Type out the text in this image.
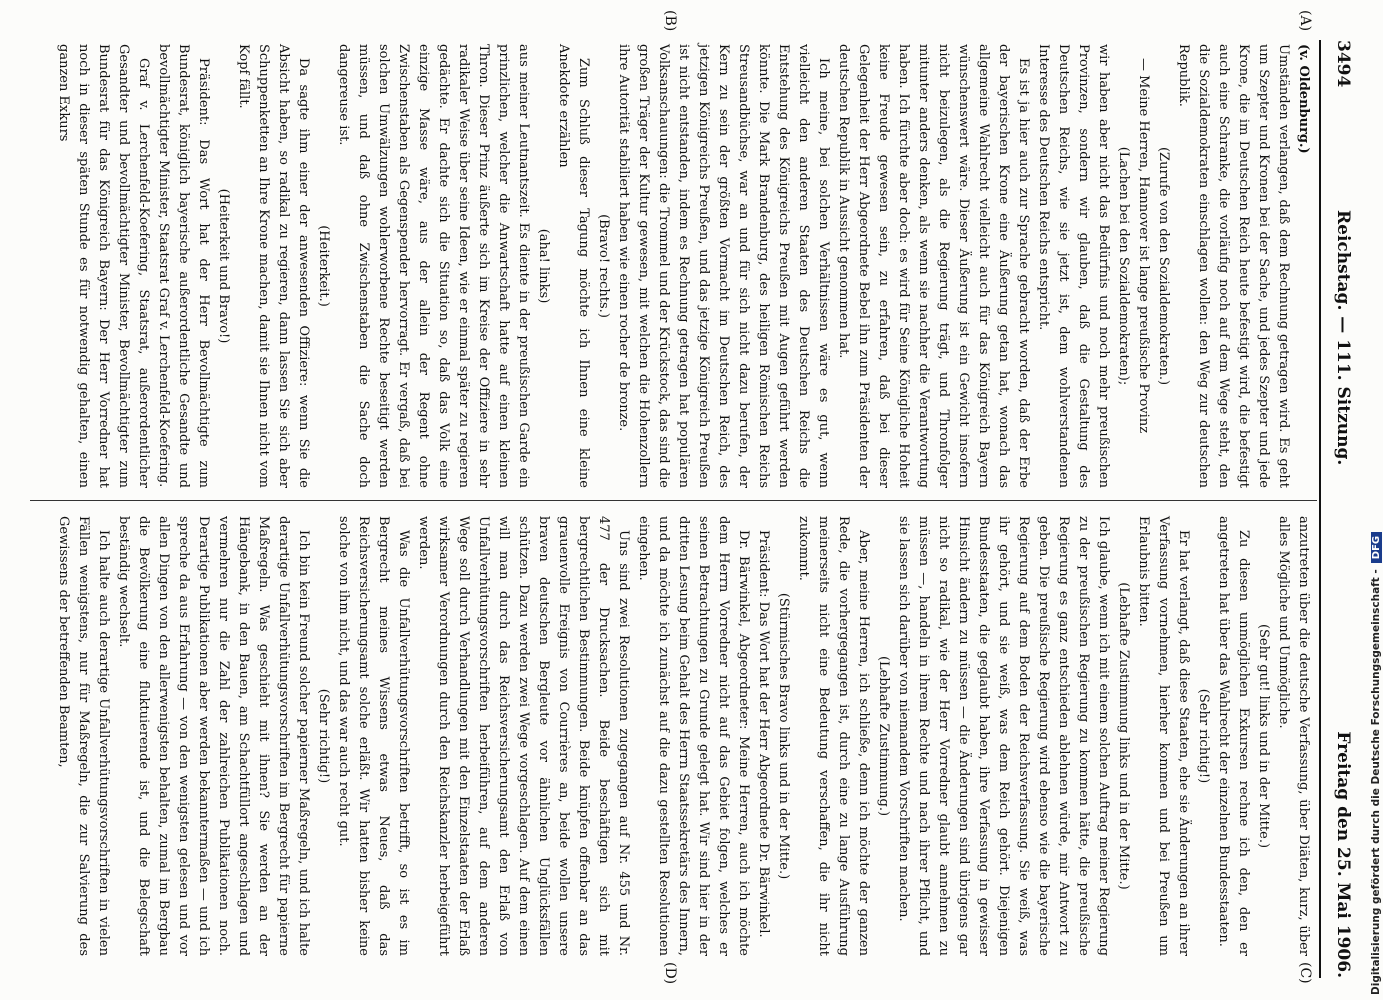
3494
Reichstag. — 111. Sitzung.
Freitag den 25. Mai 1906.
(A)
(B)
(C)
(D)

(v. Oldenburg.)

Umständen verlangen, daß dem Rechnung getragen wird. Es geht um Szepter und Kronen bei der Sache, und jedes Szepter und jede Krone, die im Deutschen Reich heute befestigt wird, die befestigt auch eine Schranke, die vorläufig noch auf dem Wege steht, den die Sozialdemokraten einschlagen wollen: den Weg zur deutschen Republik.

(Zurufe von den Sozialdemokraten.)

— Meine Herren, Hannover ist lange preußische Provinz

(Lachen bei den Sozialdemokraten);

wir haben aber nicht das Bedürfnis und noch mehr preußischen Provinzen, sondern wir glauben, daß die Gestaltung des Deutschen Reichs, wie sie jetzt ist, dem wohlverstandenen Interesse des Deutschen Reichs entspricht.

Es ist ja hier auch zur Sprache gebracht worden, daß der Erbe der bayerischen Krone eine Äußerung getan hat, wonach das allgemeine Wahlrecht vielleicht auch für das Königreich Bayern wünschenswert wäre. Dieser Äußerung ist ein Gewicht insofern nicht beizulegen, als die Regierung trägt, und Thronfolger mitunter anders denken, als wenn sie nachher die Verantwortung haben. Ich fürchte aber doch: es wird für Seine Königliche Hoheit keine Freude gewesen sein, zu erfahren, daß bei dieser Gelegenheit der Herr Abgeordnete Bebel ihn zum Präsidenten der deutschen Republik in Aussicht genommen hat.

Ich meine, bei solchen Verhältnissen wäre es gut, wenn vielleicht den anderen Staaten des Deutschen Reichs die Entstehung des Königreichs Preußen mit Augen geführt werden könnte. Die Mark Brandenburg, des heiligen Römischen Reichs Streusandbüchse, war an und für sich nicht dazu berufen, der Kern zu sein der größten Vormacht im Deutschen Reich, des jetzigen Königreichs Preußen, und das jetzige Königreich Preußen ist nicht entstanden, indem es Rechnung getragen hat populären Volksanschauungen: die Trommel und der Krückstock, das sind die großen Träger der Kultur gewesen, mit welchen die Hohenzollern ihre Autorität stabiliert haben wie einen rocher de bronze.

(Bravo! rechts.)

Zum Schluß dieser Tagung möchte ich Ihnen eine kleine Anekdote erzählen

(aha! links)

aus meiner Leutnantszeit. Es diente in der preußischen Garde ein prinzlichen, welcher die Anwartschaft hatte auf einen kleinen Thron. Dieser Prinz äußerte sich im Kreise der Offiziere in sehr radikaler Weise über seine Ideen, wie er einmal später zu regieren gedächte. Er dachte sich die Situation so, daß das Volk eine einzige Masse wäre, aus der allein der Regent ohne Zwischenstaben als Gegenspender hervorragt. Er vergaß, daß bei solchen Umwälzungen wohlerworbene Rechte beseitigt werden müssen, und daß ohne Zwischenstaben die Sache doch dangereuse ist.

(Heiterkeit.)

Da sagte ihm einer der anwesenden Offiziere: wenn Sie die Absicht haben, so radikal zu regieren, dann lassen Sie sich aber Schuppenketten an Ihre Krone machen, damit sie Ihnen nicht vom Kopf fällt.

(Heiterkeit und Bravo!)

Präsident: Das Wort hat der Herr Bevollmächtigte zum Bundesrat, königlich bayerische außerordentliche Gesandte und bevollmächtigter Minister, Staatsrat Graf v. Lerchenfeld-Koefering.

Graf v. Lerchenfeld-Koefering, Staatsrat, außerordentlicher Gesandter und bevollmächtigter Minister, Bevollmächtigter zum Bundesrat für das Königreich Bayern: Der Herr Vorredner hat noch in dieser späten Stunde es für notwendig gehalten, einen ganzen Exkurs

anzutreten über die deutsche Verfassung, über Diäten, kurz, über alles Mögliche und Unmögliche.

(Sehr gut! links und in der Mitte.)

Zu diesen unmöglichen Exkursen rechne ich den, den er angetreten hat über das Wahlrecht der einzelnen Bundesstaaten.

(Sehr richtig!)

Er hat verlangt, daß diese Staaten, ehe sie Änderungen an ihrer Verfassung vornehmen, hierher kommen und bei Preußen um Erlaubnis bitten.

(Lebhafte Zustimmung links und in der Mitte.)

Ich glaube, wenn ich mit einem solchen Auftrag meiner Regierung zu der preußischen Regierung zu kommen hätte, die preußische Regierung es ganz entschieden ablehnen würde, mir Antwort zu geben. Die preußische Regierung wird ebenso wie die bayerische Regierung auf dem Boden der Reichsverfassung. Sie weiß, was ihr gehört, und sie weiß, was dem Reich gehört. Diejenigen Bundesstaaten, die geglaubt haben, ihre Verfassung in gewisser Hinsicht ändern zu müssen — die Änderungen sind übrigens gar nicht so radikal, wie der Herr Vorredner glaubt annehmen zu müssen —, handeln in ihrem Rechte und nach ihrer Pflicht, und sie lassen sich darüber von niemandem Vorschriften machen.

(Lebhafte Zustimmung.)

Aber, meine Herren, ich schließe, denn ich möchte der ganzen Rede, die vorhergegangen ist, durch eine zu lange Ausführung meinerseits nicht eine Bedeutung verschaffen, die ihr nicht zukommt.

(Stürmisches Bravo links und in der Mitte.)

Präsident: Das Wort hat der Herr Abgeordnete Dr. Bärwinkel.

Dr. Bärwinkel, Abgeordneter: Meine Herren, auch ich möchte dem Herrn Vorredner nicht auf das Gebiet folgen, welches er seinen Betrachtungen zu Grunde gelegt hat. Wir sind hier in der dritten Lesung beim Gehalt des Herrn Staatssekretärs des Innern, und da möchte ich zunächst auf die dazu gestellten Resolutionen eingehen.

Uns sind zwei Resolutionen zugegangen auf Nr. 455 und Nr. 477 der Drucksachen. Beide beschäftigen sich mit bergrechtlichen Bestimmungen. Beide knüpfen offenbar an das grauenvolle Ereignis von Courrières an, beide wollen unsere braven deutschen Bergleute vor ähnlichen Unglücksfällen schützen. Dazu werden zwei Wege vorgeschlagen. Auf dem einen will man durch das Reichsversicherungsamt den Erlaß von Unfallverhütungsvorschriften herbeiführen, auf dem anderen Wege soll durch Verhandlungen mit den Einzelstaaten der Erlaß wirksamer Verordnungen durch den Reichskanzler herbeigeführt werden.

Was die Unfallverhütungsvorschriften betrifft, so ist es im Bergrecht meines Wissens etwas Neues, daß das Reichsversicherungsamt solche erläßt. Wir hatten bisher keine solche von ihm nicht, und das war auch recht gut.

(Sehr richtig!)

Ich bin kein Freund solcher papierner Maßregeln, und ich halte derartige Unfallverhütungsvorschriften im Bergrecht für papierne Maßregeln. Was geschieht mit ihnen? Sie werden an der Hängebank, in den Bauen, am Schachtfüllort angeschlagen und vermehren nur die Zahl der zahlreichen Publikationen noch. Derartige Publikationen aber werden bekanntermaßen — und ich spreche da aus Erfahrung — von den wenigsten gelesen und vor allen Dingen von den allerwenigsten behalten, zumal im Bergbau die Bevölkerung eine fluktuierende ist, und die Belegschaft beständig wechselt.

Ich halte auch derartige Unfallverhütungsvorschriften in vielen Fällen wenigstens, nur für Maßregeln, die zur Salvierung des Gewissens der betreffenden Beamten,	Digitalisierung gefördert durch die Deutsche Forschungsgemeinschaft -DFG
